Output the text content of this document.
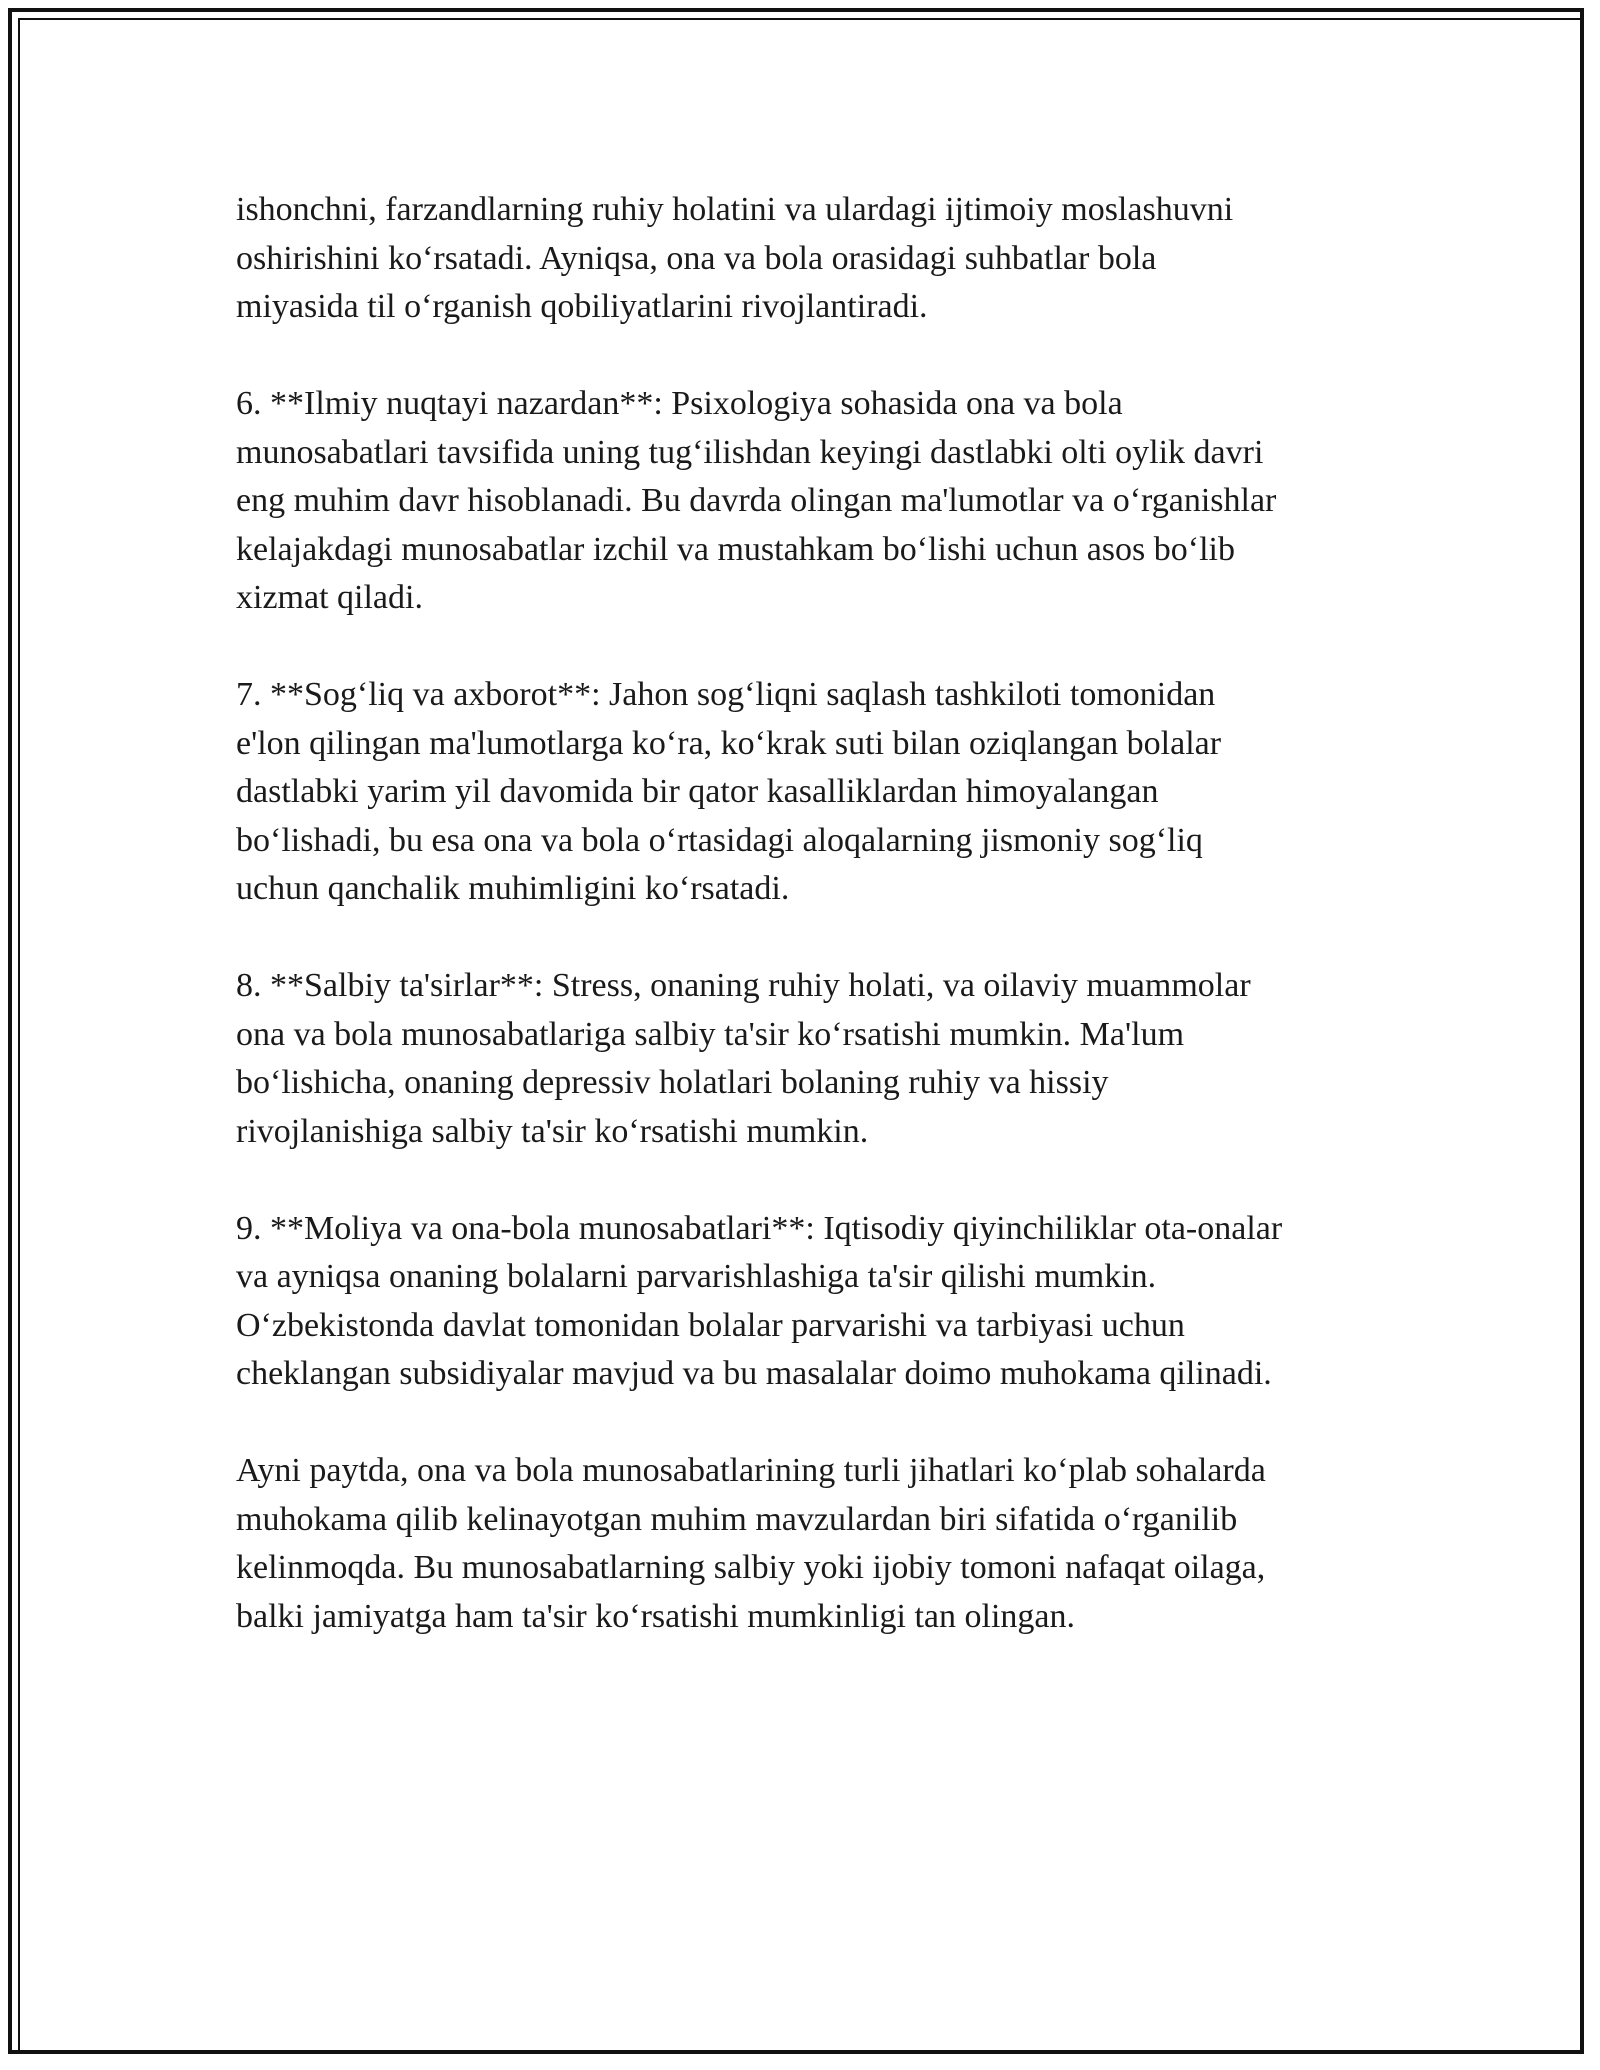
ishonchni, farzandlarning ruhiy holatini va ulardagi ijtimoiy moslashuvni
oshirishini ko‘rsatadi. Ayniqsa, ona va bola orasidagi suhbatlar bola
miyasida til o‘rganish qobiliyatlarini rivojlantiradi.

6. **Ilmiy nuqtayi nazardan**: Psixologiya sohasida ona va bola
munosabatlari tavsifida uning tug‘ilishdan keyingi dastlabki olti oylik davri
eng muhim davr hisoblanadi. Bu davrda olingan ma'lumotlar va o‘rganishlar
kelajakdagi munosabatlar izchil va mustahkam bo‘lishi uchun asos bo‘lib
xizmat qiladi.

7. **Sog‘liq va axborot**: Jahon sog‘liqni saqlash tashkiloti tomonidan
e'lon qilingan ma'lumotlarga ko‘ra, ko‘krak suti bilan oziqlangan bolalar
dastlabki yarim yil davomida bir qator kasalliklardan himoyalangan
bo‘lishadi, bu esa ona va bola o‘rtasidagi aloqalarning jismoniy sog‘liq
uchun qanchalik muhimligini ko‘rsatadi.

8. **Salbiy ta'sirlar**: Stress, onaning ruhiy holati, va oilaviy muammolar
ona va bola munosabatlariga salbiy ta'sir ko‘rsatishi mumkin. Ma'lum
bo‘lishicha, onaning depressiv holatlari bolaning ruhiy va hissiy
rivojlanishiga salbiy ta'sir ko‘rsatishi mumkin.

9. **Moliya va ona-bola munosabatlari**: Iqtisodiy qiyinchiliklar ota-onalar
va ayniqsa onaning bolalarni parvarishlashiga ta'sir qilishi mumkin.
O‘zbekistonda davlat tomonidan bolalar parvarishi va tarbiyasi uchun
cheklangan subsidiyalar mavjud va bu masalalar doimo muhokama qilinadi.

Ayni paytda, ona va bola munosabatlarining turli jihatlari ko‘plab sohalarda
muhokama qilib kelinayotgan muhim mavzulardan biri sifatida o‘rganilib
kelinmoqda. Bu munosabatlarning salbiy yoki ijobiy tomoni nafaqat oilaga,
balki jamiyatga ham ta'sir ko‘rsatishi mumkinligi tan olingan.
